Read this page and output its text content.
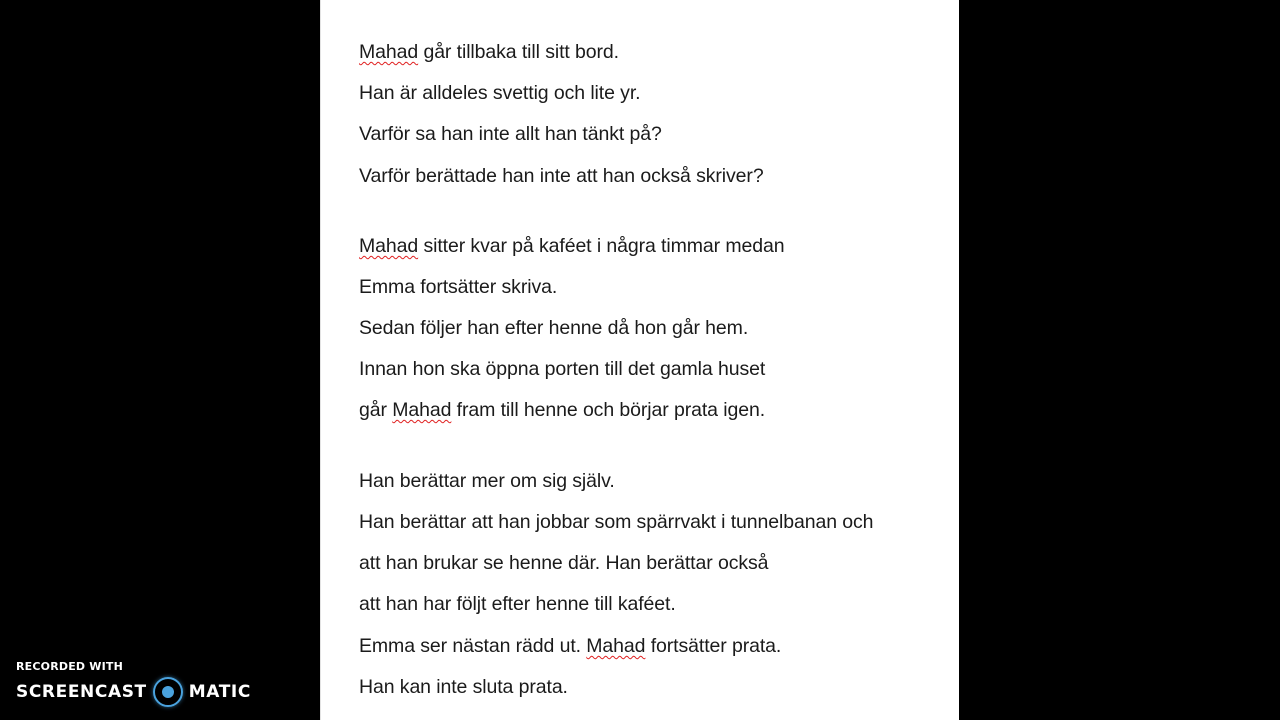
Mahad går tillbaka till sitt bord.
Han är alldeles svettig och lite yr.
Varför sa han inte allt han tänkt på?
Varför berättade han inte att han också skriver?
Mahad sitter kvar på kaféet i några timmar medan
Emma fortsätter skriva.
Sedan följer han efter henne då hon går hem.
Innan hon ska öppna porten till det gamla huset
går Mahad fram till henne och börjar prata igen.
Han berättar mer om sig själv.
Han berättar att han jobbar som spärrvakt i tunnelbanan och
att han brukar se henne där. Han berättar också
att han har följt efter henne till kaféet.
Emma ser nästan rädd ut. Mahad fortsätter prata.
Han kan inte sluta prata.
RECORDED WITH
SCREENCAST MATIC
